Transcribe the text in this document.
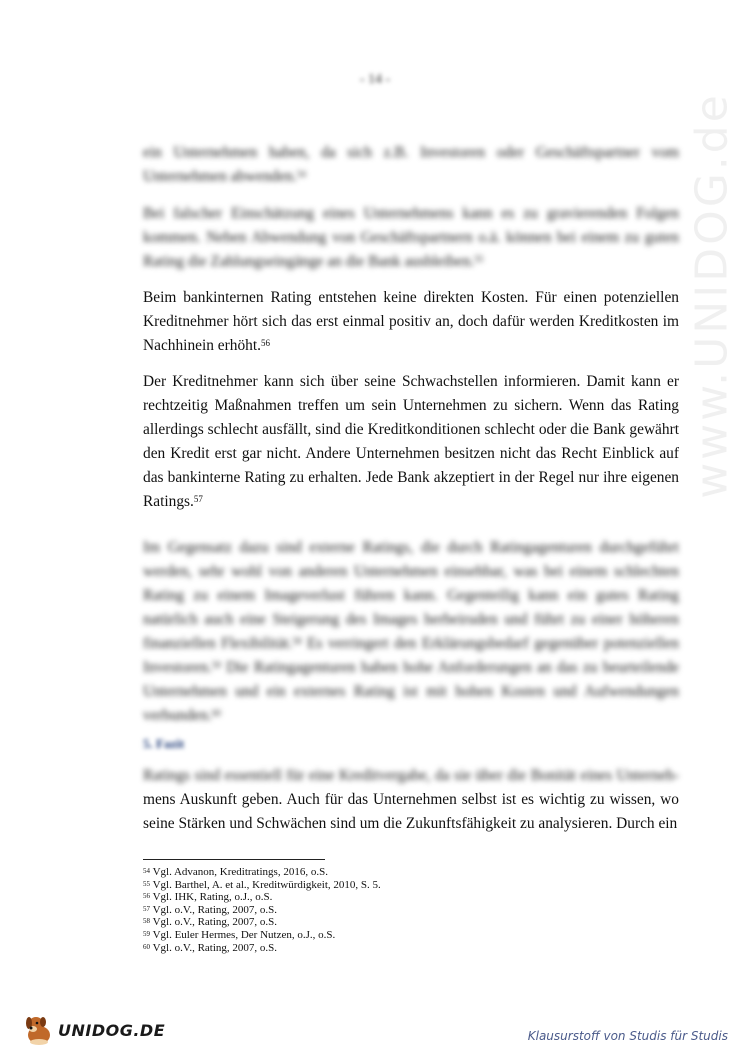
- 14 -

ein Unternehmen haben, da sich z.B. Investoren oder Geschäftspartner vom Unternehmen abwenden.$^{54}$

Bei falscher Einschätzung eines Unternehmens kann es zu gravierenden Folgen kommen. Neben Abwendung von Geschäftspartnern o.ä. können bei einem zu guten Rating die Zahlungseingänge an die Bank ausbleiben.$^{55}$

Beim bankinternen Rating entstehen keine direkten Kosten. Für einen potenziellen Kreditnehmer hört sich das erst einmal positiv an, doch dafür werden Kreditkosten im Nachhinein erhöht.$^{56}$

Der Kreditnehmer kann sich über seine Schwachstellen informieren. Damit kann er rechtzeitig Maßnahmen treffen um sein Unternehmen zu sichern. Wenn das Rating allerdings schlecht ausfällt, sind die Kreditkonditionen schlecht oder die Bank gewährt den Kredit erst gar nicht. Andere Unternehmen besitzen nicht das Recht Einblick auf das bankinterne Rating zu erhalten. Jede Bank akzeptiert in der Regel nur ihre eigenen Ratings.$^{57}$

Im Gegensatz dazu sind externe Ratings, die durch Ratingagenturen durchgeführt werden, sehr wohl von anderen Unternehmen einsehbar, was bei einem schlechten Rating zu einem Imageverlust führen kann. Gegenteilig kann ein gutes Rating natürlich auch eine Steigerung des Images herbeiruden und führt zu einer höheren finanziellen Flexibilität.$^{58}$ Es verringert den Erklärungsbedarf gegenüber potenziellen Investoren.$^{59}$ Die Ratingagenturen haben hohe Anforderungen an das zu beurteilende Unternehmen und ein externes Rating ist mit hohen Kosten und Aufwendungen verbunden.$^{60}$

5. Fazit

Ratings sind essentiell für eine Kreditvergabe, da sie über die Bonität eines Unterneh- mens Auskunft geben. Auch für das Unternehmen selbst ist es wichtig zu wissen, wo seine Stärken und Schwächen sind um die Zukunftsfähigkeit zu analysieren. Durch ein

$^{54}$ Vgl. Advanon, Kreditratings, 2016, o.S.
$^{55}$ Vgl. Barthel, A. et al., Kreditwürdigkeit, 2010, S. 5.
$^{56}$ Vgl. IHK, Rating, o.J., o.S.
$^{57}$ Vgl. o.V., Rating, 2007, o.S.
$^{58}$ Vgl. o.V., Rating, 2007, o.S.
$^{59}$ Vgl. Euler Hermes, Der Nutzen, o.J., o.S.
$^{60}$ Vgl. o.V., Rating, 2007, o.S.
www.UNIDOG.de
UNIDOG.DE	Klausurstoff von Studis für Studis
